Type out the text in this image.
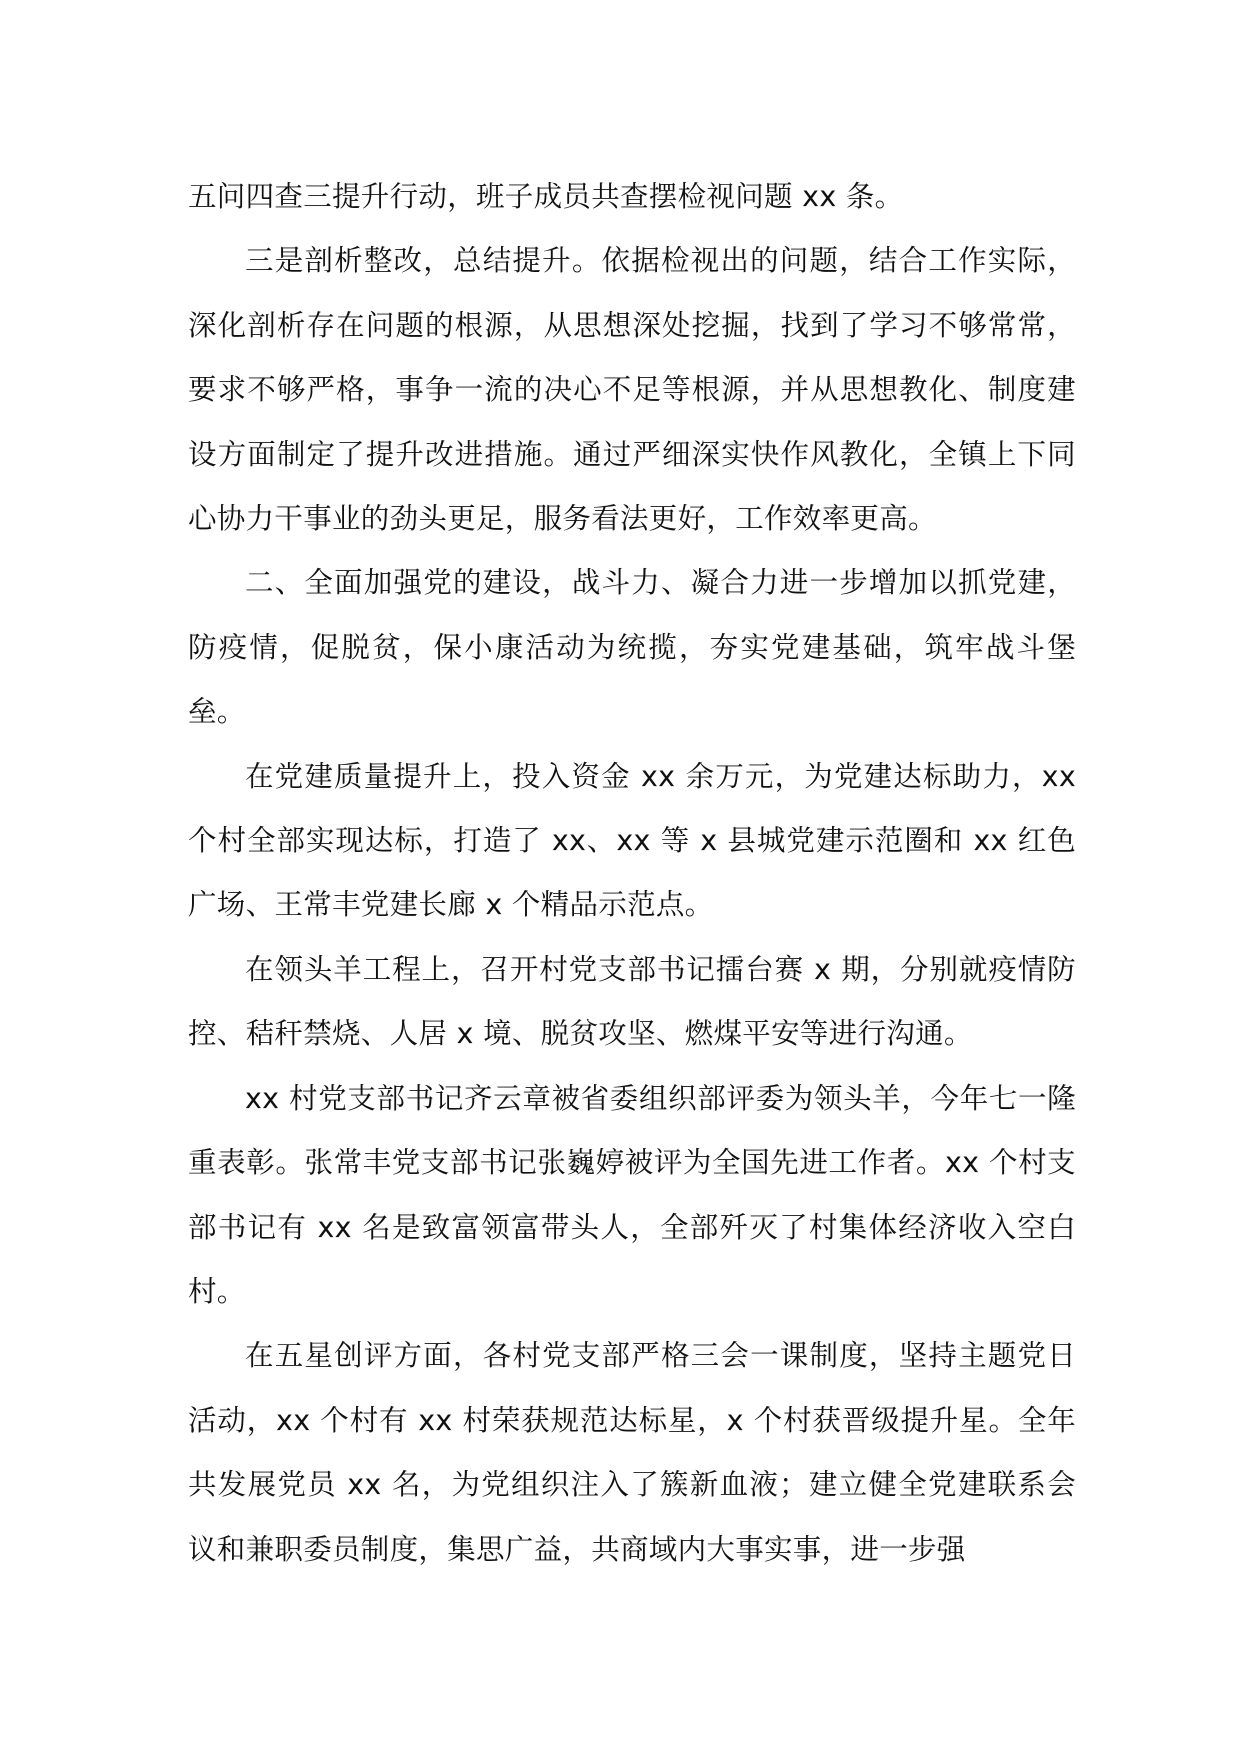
五问四查三提升行动，班子成员共查摆检视问题 xx 条。

三是剖析整改，总结提升。依据检视出的问题，结合工作实际，深化剖析存在问题的根源，从思想深处挖掘，找到了学习不够常常，要求不够严格，事争一流的决心不足等根源，并从思想教化、制度建设方面制定了提升改进措施。通过严细深实快作风教化，全镇上下同心协力干事业的劲头更足，服务看法更好，工作效率更高。

二、全面加强党的建设，战斗力、凝合力进一步增加以抓党建，防疫情，促脱贫，保小康活动为统揽，夯实党建基础，筑牢战斗堡垒。

在党建质量提升上，投入资金 xx 余万元，为党建达标助力，xx 个村全部实现达标，打造了 xx、xx 等 x 县城党建示范圈和 xx 红色广场、王常丰党建长廊 x 个精品示范点。

在领头羊工程上，召开村党支部书记擂台赛 x 期，分别就疫情防控、秸秆禁烧、人居 x 境、脱贫攻坚、燃煤平安等进行沟通。

xx 村党支部书记齐云章被省委组织部评委为领头羊，今年七一隆重表彰。张常丰党支部书记张巍婷被评为全国先进工作者。xx 个村支部书记有 xx 名是致富领富带头人，全部歼灭了村集体经济收入空白村。

在五星创评方面，各村党支部严格三会一课制度，坚持主题党日活动，xx 个村有 xx 村荣获规范达标星，x 个村获晋级提升星。全年共发展党员 xx 名，为党组织注入了簇新血液；建立健全党建联系会议和兼职委员制度，集思广益，共商域内大事实事，进一步强
